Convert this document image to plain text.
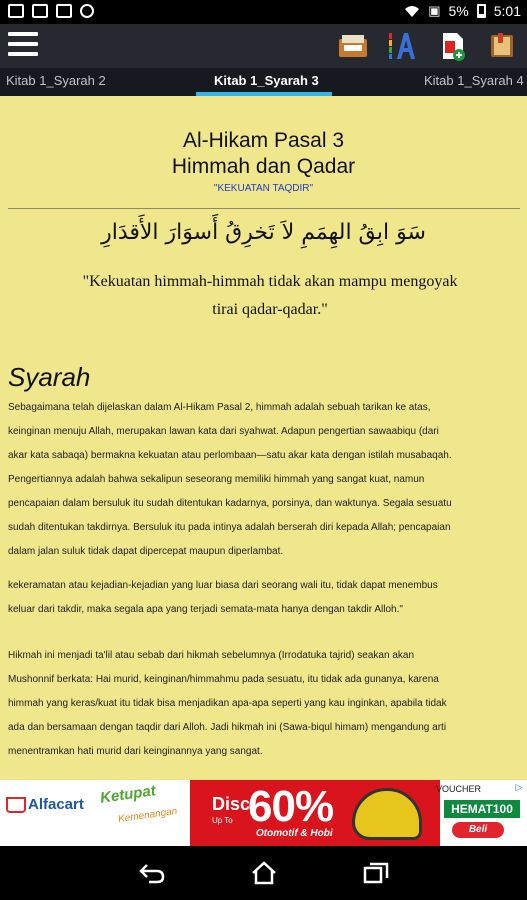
▣ 5% 5:01
Kitab 1_Syarah 2	Kitab 1_Syarah 3	Kitab 1_Syarah 4
Al-Hikam Pasal 3
Himmah dan Qadar
"KEKUATAN TAQDIR"
سَوَ ابِقُ الهِمَمِ لاَ تَخرِقُ أَسوَارَ الأَقدَارِ
"Kekuatan himmah-himmah tidak akan mampu mengoyak
tirai qadar-qadar."
Syarah
Sebagaimana telah dijelaskan dalam Al-Hikam Pasal 2, himmah adalah sebuah tarikan ke atas,
keinginan menuju Allah, merupakan lawan kata dari syahwat. Adapun pengertian sawaabiqu (dari
akar kata sabaqa) bermakna kekuatan atau perlombaan—satu akar kata dengan istilah musabaqah.
Pengertiannya adalah bahwa sekalipun seseorang memiliki himmah yang sangat kuat, namun
pencapaian dalam bersuluk itu sudah ditentukan kadarnya, porsinya, dan waktunya. Segala sesuatu
sudah ditentukan takdirnya. Bersuluk itu pada intinya adalah berserah diri kepada Allah; pencapaian
dalam jalan suluk tidak dapat dipercepat maupun diperlambat.
kekeramatan atau kejadian-kejadian yang luar biasa dari seorang wali itu, tidak dapat menembus
keluar dari takdir, maka segala apa yang terjadi semata-mata hanya dengan takdir Alloh."
Hikmah ini menjadi ta'lil atau sebab dari hikmah sebelumnya (Irrodatuka tajrid) seakan akan
Mushonnif berkata: Hai murid, keinginan/himmahmu pada sesuatu, itu tidak ada gunanya, karena
himmah yang keras/kuat itu tidak bisa menjadikan apa-apa seperti yang kau inginkan, apabila tidak
ada dan bersamaan dengan taqdir dari Alloh. Jadi hikmah ini (Sawa-biqul himam) mengandung arti
menentramkan hati murid dari keinginannya yang sangat.
Alfacart Ketupat
Kemenangan
Disc
Up To 60%
Otomotif & Hobi
VOUCHER
HEMAT100
Beli
▷
